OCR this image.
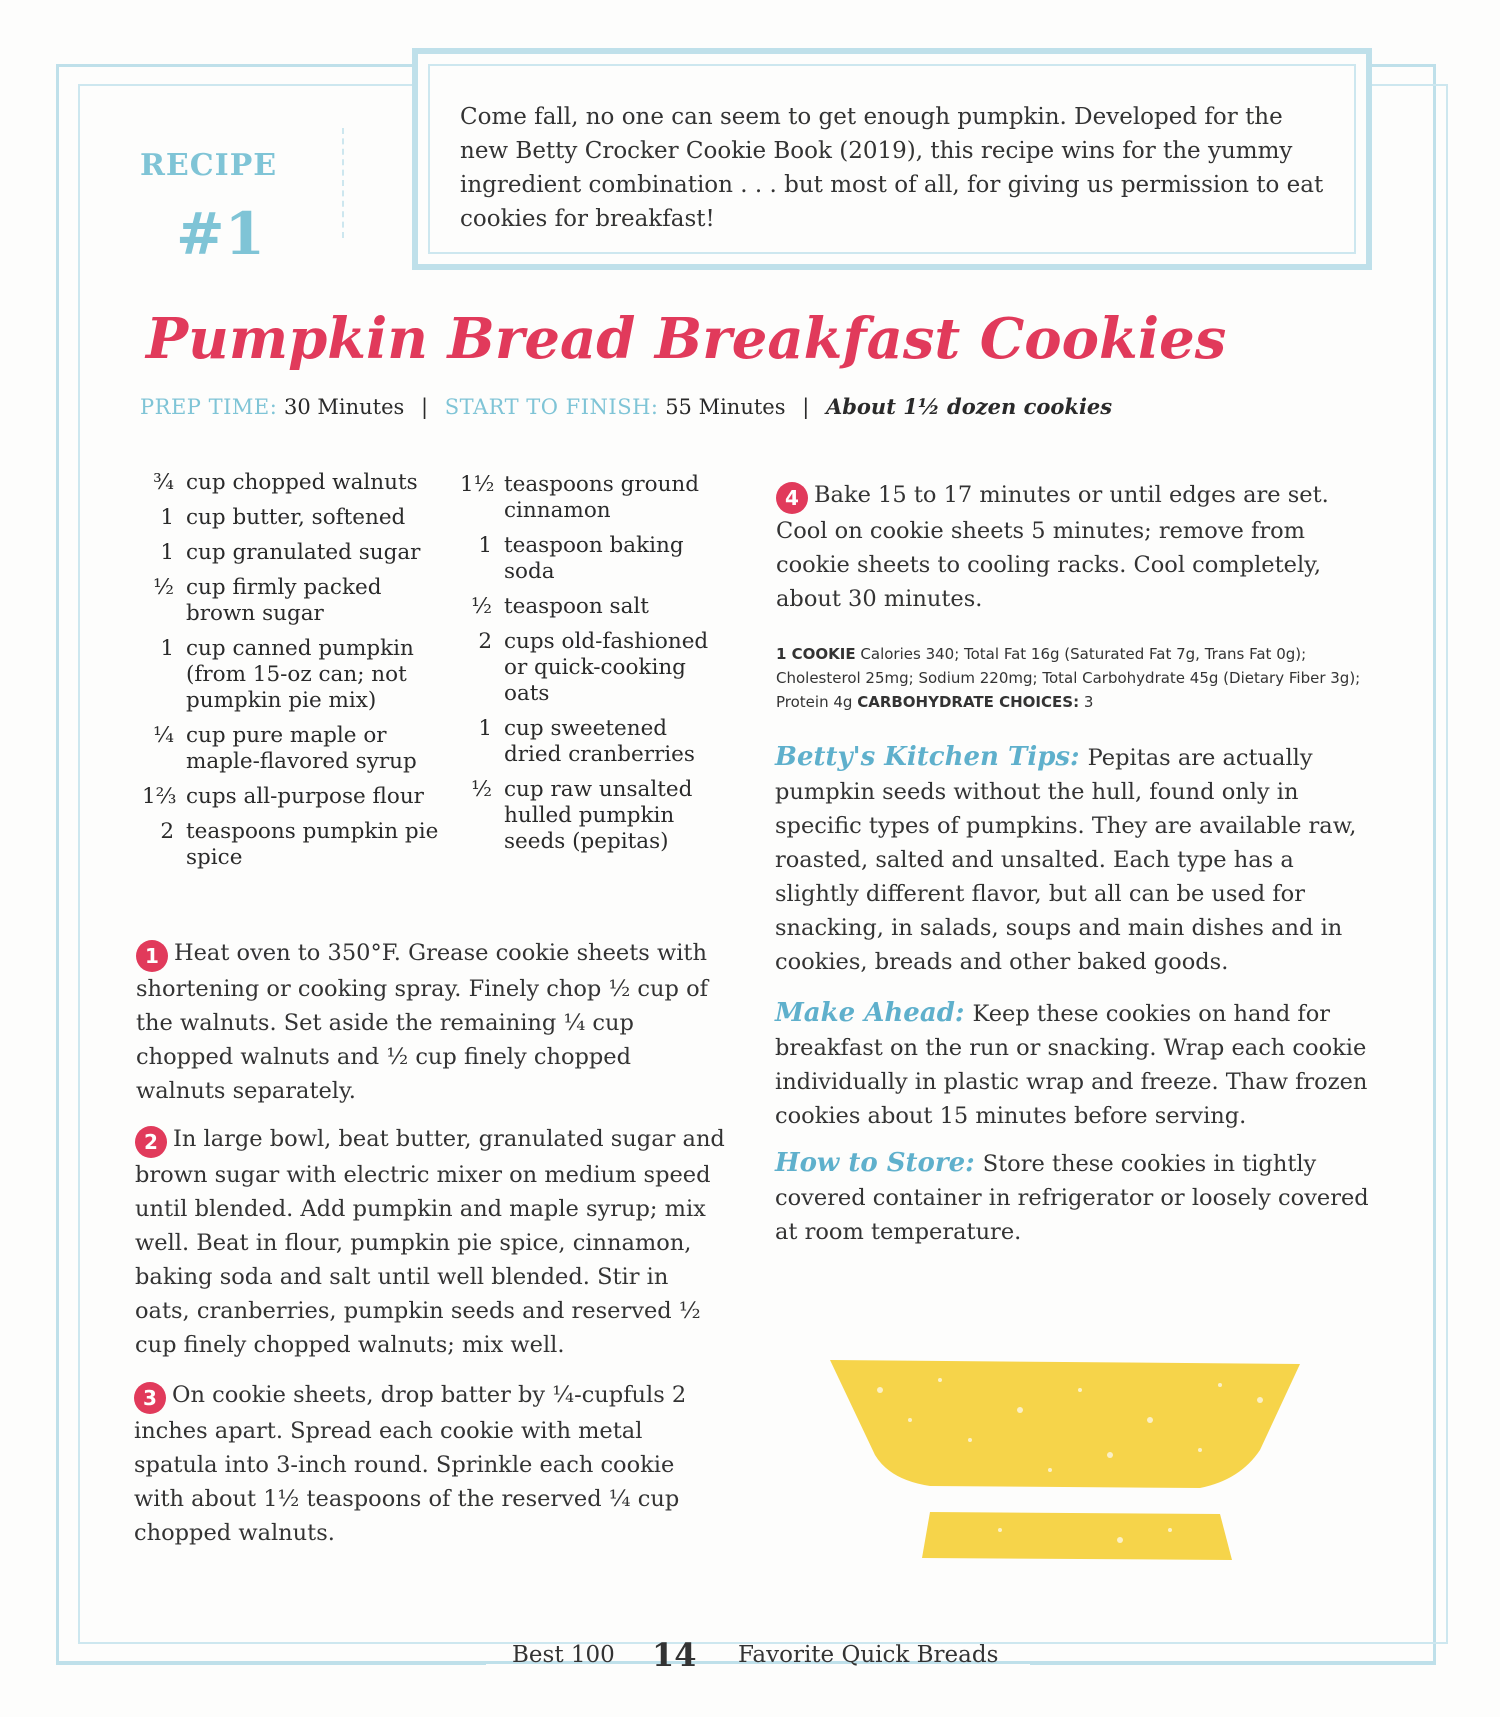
Come fall, no one can seem to get enough pumpkin. Developed for the new Betty Crocker Cookie Book (2019), this recipe wins for the yummy ingredient combination . . . but most of all, for giving us permission to eat cookies for breakfast!

RECIPE
#1
Pumpkin Bread Breakfast Cookies
PREP TIME: 30 Minutes | START TO FINISH: 55 Minutes | About 1½ dozen cookies
¾ cup chopped walnuts
1 cup butter, softened
1 cup granulated sugar
½ cup firmly packed brown sugar
1 cup canned pumpkin (from 15-oz can; not pumpkin pie mix)
¼ cup pure maple or maple-flavored syrup
1⅔ cups all-purpose flour
2 teaspoons pumpkin pie spice
1½ teaspoons ground cinnamon
1 teaspoon baking soda
½ teaspoon salt
2 cups old-fashioned or quick-cooking oats
1 cup sweetened dried cranberries
½ cup raw unsalted hulled pumpkin seeds (pepitas)
1 Heat oven to 350°F. Grease cookie sheets with shortening or cooking spray. Finely chop ½ cup of the walnuts. Set aside the remaining ¼ cup chopped walnuts and ½ cup finely chopped walnuts separately.
2 In large bowl, beat butter, granulated sugar and brown sugar with electric mixer on medium speed until blended. Add pumpkin and maple syrup; mix well. Beat in flour, pumpkin pie spice, cinnamon, baking soda and salt until well blended. Stir in oats, cranberries, pumpkin seeds and reserved ½ cup finely chopped walnuts; mix well.
3 On cookie sheets, drop batter by ¼-cupfuls 2 inches apart. Spread each cookie with metal spatula into 3-inch round. Sprinkle each cookie with about 1½ teaspoons of the reserved ¼ cup chopped walnuts.
4 Bake 15 to 17 minutes or until edges are set. Cool on cookie sheets 5 minutes; remove from cookie sheets to cooling racks. Cool completely, about 30 minutes.
1 COOKIE Calories 340; Total Fat 16g (Saturated Fat 7g, Trans Fat 0g); Cholesterol 25mg; Sodium 220mg; Total Carbohydrate 45g (Dietary Fiber 3g); Protein 4g CARBOHYDRATE CHOICES: 3
Betty's Kitchen Tips: Pepitas are actually pumpkin seeds without the hull, found only in specific types of pumpkins. They are available raw, roasted, salted and unsalted. Each type has a slightly different flavor, but all can be used for snacking, in salads, soups and main dishes and in cookies, breads and other baked goods.
Make Ahead: Keep these cookies on hand for breakfast on the run or snacking. Wrap each cookie individually in plastic wrap and freeze. Thaw frozen cookies about 15 minutes before serving.
How to Store: Store these cookies in tightly covered container in refrigerator or loosely covered at room temperature.
Best 100 14 Favorite Quick Breads
